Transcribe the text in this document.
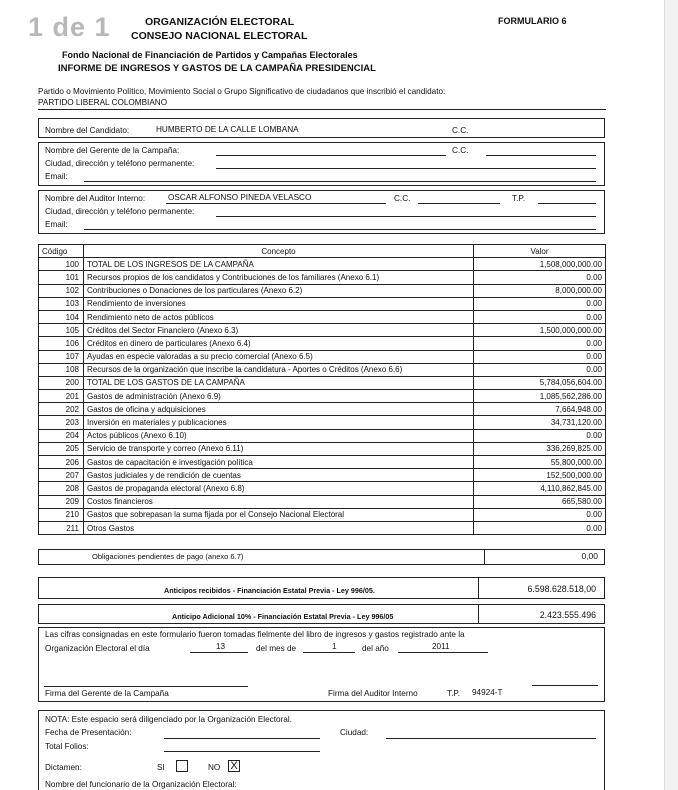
1 de 1	ORGANIZACIÓN ELECTORAL
CONSEJO NACIONAL ELECTORAL
FORMULARIO 6
Fondo Nacional de Financiación de Partidos y Campañas Electorales
INFORME DE INGRESOS Y GASTOS DE LA CAMPAÑA PRESIDENCIAL
Partido o Movimiento Político, Movimiento Social o Grupo Significativo de ciudadanos que inscribió el candidato:
PARTIDO LIBERAL COLOMBIANO
Nombre del Candidato:	HUMBERTO DE LA CALLE LOMBANA	C.C.
Nombre del Gerente de la Campaña:	C.C.
Ciudad, dirección y teléfono permanente:
Email:
Nombre del Auditor Interno:	OSCAR ALFONSO PINEDA VELASCO	C.C.	T.P.
Ciudad, dirección y teléfono permanente:
Email:
Código	Concepto	Valor
100	TOTAL DE LOS INGRESOS DE LA CAMPAÑA	1,508,000,000.00
101	Recursos propios de los candidatos y Contribuciones de los familiares (Anexo 6.1)	0.00
102	Contribuciones o Donaciones de los particulares (Anexo 6.2)	8,000,000.00
103	Rendimiento de inversiones	0.00
104	Rendimiento neto de actos públicos	0.00
105	Créditos del Sector Financiero (Anexo 6.3)	1,500,000,000.00
106	Créditos en dinero de particulares (Anexo 6.4)	0.00
107	Ayudas en especie valoradas a su precio comercial (Anexo 6.5)	0.00
108	Recursos de la organización que inscribe la candidatura - Aportes o Créditos (Anexo 6.6)	0.00
200	TOTAL DE LOS GASTOS DE LA CAMPAÑA	5,784,056,604.00
201	Gastos de administración (Anexo 6.9)	1,085,562,286.00
202	Gastos de oficina y adquisiciones	7,664,948.00
203	Inversión en materiales y publicaciones	34,731,120.00
204	Actos públicos (Anexo 6.10)	0.00
205	Servicio de transporte y correo (Anexo 6.11)	336,269,825.00
206	Gastos de capacitación e investigación política	55,800,000.00
207	Gastos judiciales y de rendición de cuentas	152,500,000.00
208	Gastos de propaganda electoral (Anexo 6.8)	4,110,862,845.00
209	Costos financieros	665,580.00
210	Gastos que sobrepasan la suma fijada por el Consejo Nacional Electoral	0.00
211	Otros Gastos	0.00
Obligaciones pendientes de pago (anexo 6.7)	0,00
Anticipos recibidos - Financiación Estatal Previa - Ley 996/05.	6.598.628.518,00
Anticipo Adicional 10% - Financiación Estatal Previa - Ley 996/05	2.423.555.496
Las cifras consignadas en este formulario fueron tomadas fielmente del libro de ingresos y gastos registrado ante la
Organización Electoral el día	13	del mes de	1	del año	2011
Firma del Gerente de la Campaña	Firma del Auditor Interno	T.P. 94924-T
NOTA: Este espacio será diligenciado por la Organización Electoral.
Fecha de Presentación:	Ciudad:
Total Folios:
Dictamen:	SI	NO X
Nombre del funcionario de la Organización Electoral:
